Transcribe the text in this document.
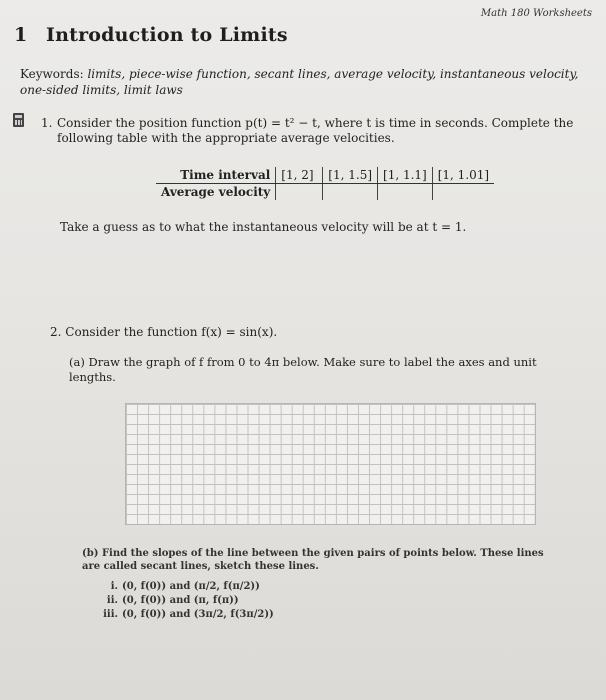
Math 180 Worksheets
1 Introduction to Limits
Keywords: limits, piece-wise function, secant lines, average velocity, instantaneous velocity, one-sided limits, limit laws
1. Consider the position function p(t) = t² − t, where t is time in seconds. Complete the
following table with the appropriate average velocities.
Time interval	[1, 2]	[1, 1.5]	[1, 1.1]	[1, 1.01]
Average velocity				
Take a guess as to what the instantaneous velocity will be at t = 1.
2. Consider the function f(x) = sin(x).
(a) Draw the graph of f from 0 to 4π below. Make sure to label the axes and unit lengths.
(b) Find the slopes of the line between the given pairs of points below. These lines are called secant lines, sketch these lines.
i. (0, f(0)) and (π/2, f(π/2))
ii. (0, f(0)) and (π, f(π))
iii. (0, f(0)) and (3π/2, f(3π/2))
